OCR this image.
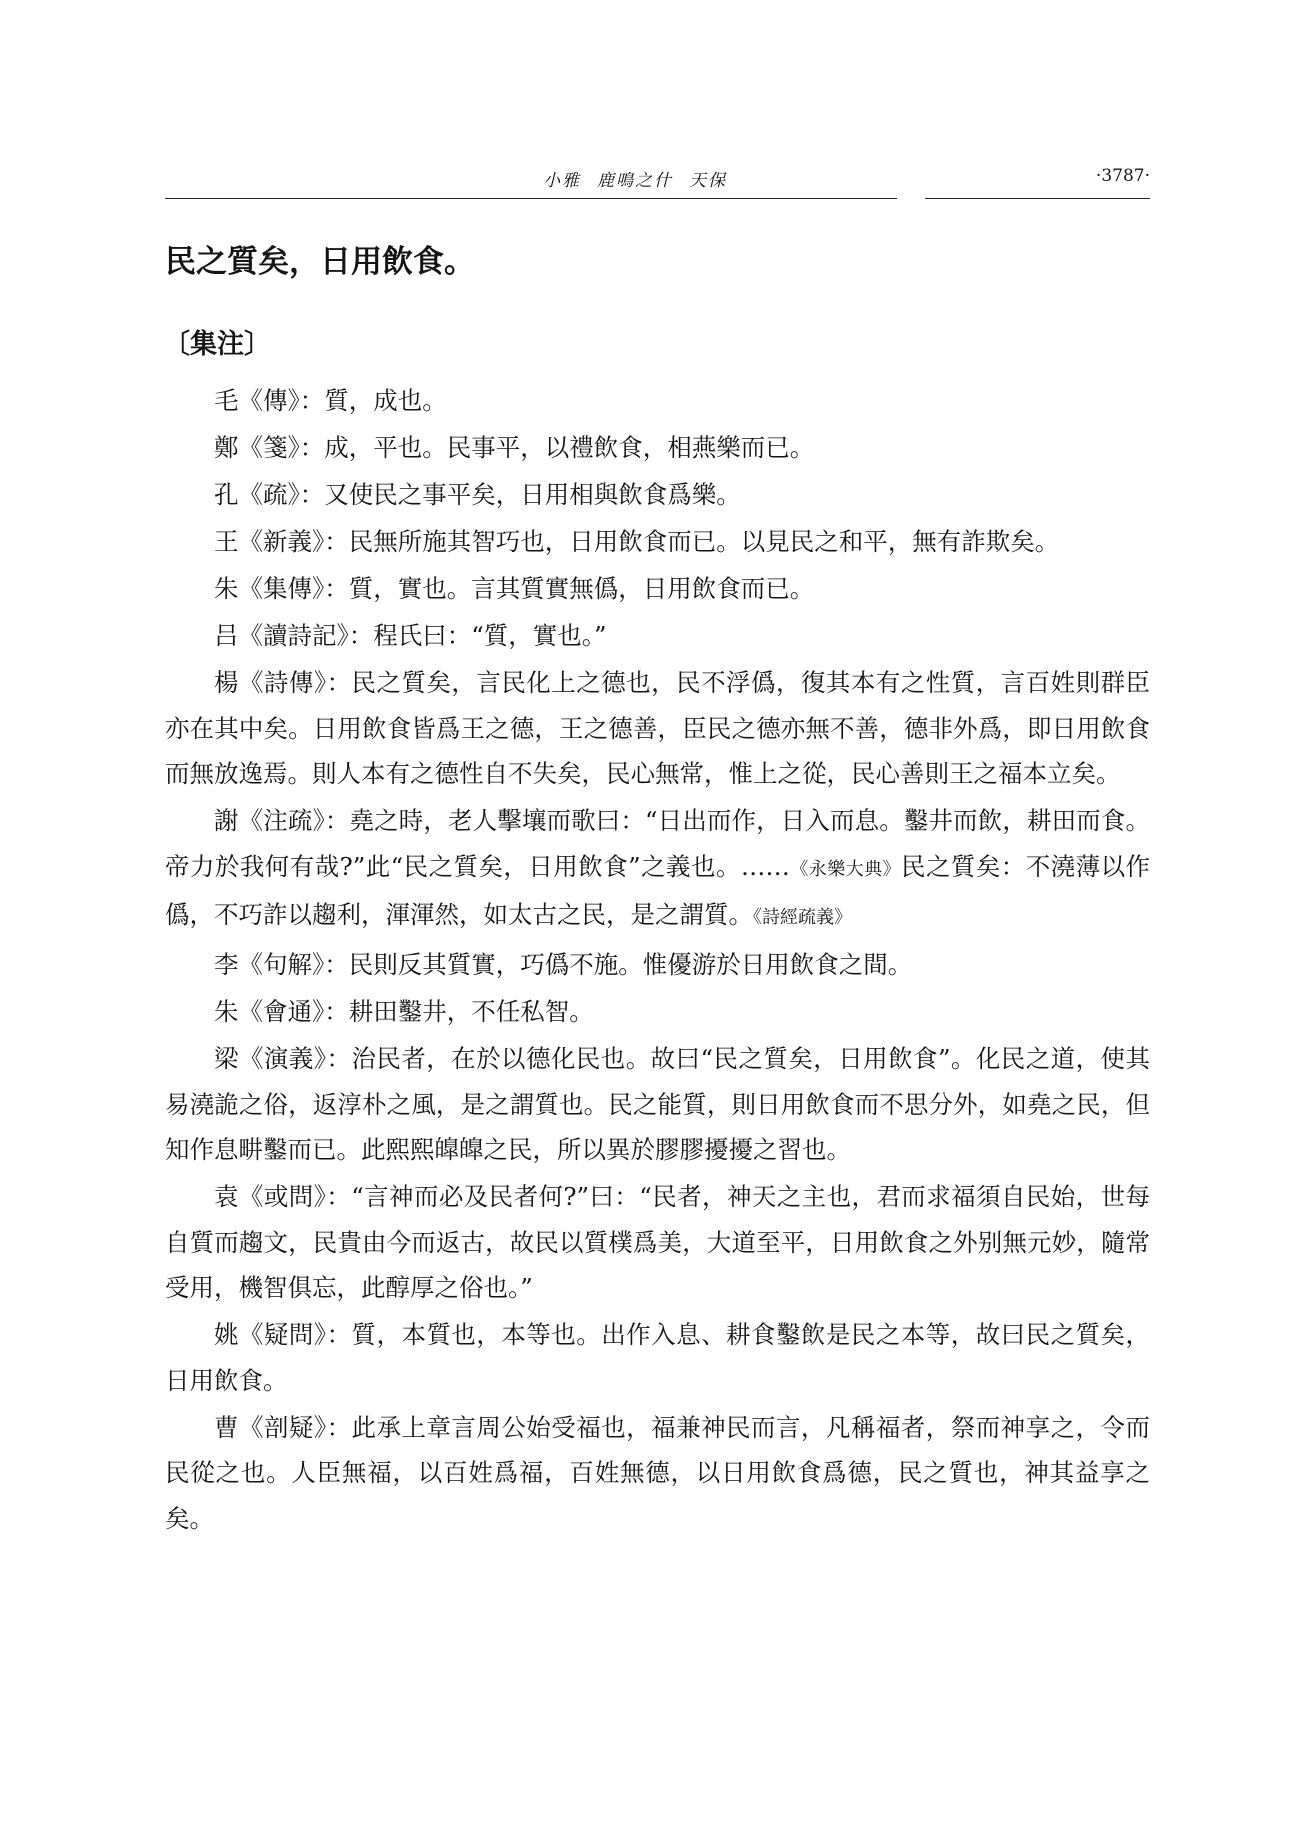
小雅 鹿鳴之什 天保	·3787·
民之質矣，日用飲食。
〔集注〕

毛《傳》：質，成也。

鄭《箋》：成，平也。民事平，以禮飲食，相燕樂而已。

孔《疏》：又使民之事平矣，日用相與飲食爲樂。

王《新義》：民無所施其智巧也，日用飲食而已。以見民之和平，無有詐欺矣。

朱《集傳》：質，實也。言其質實無僞，日用飲食而已。

吕《讀詩記》：程氏曰：“質，實也。”

楊《詩傳》：民之質矣，言民化上之德也，民不浮僞，復其本有之性質，言百姓則群臣亦在其中矣。日用飲食皆爲王之德，王之德善，臣民之德亦無不善，德非外爲，即日用飲食而無放逸焉。則人本有之德性自不失矣，民心無常，惟上之從，民心善則王之福本立矣。

謝《注疏》：堯之時，老人擊壤而歌曰：“日出而作，日入而息。鑿井而飲，耕田而食。帝力於我何有哉?”此“民之質矣，日用飲食”之義也。……《永樂大典》民之質矣：不澆薄以作僞，不巧詐以趨利，渾渾然，如太古之民，是之謂質。《詩經疏義》

李《句解》：民則反其質實，巧僞不施。惟優游於日用飲食之間。

朱《會通》：耕田鑿井，不任私智。

梁《演義》：治民者，在於以德化民也。故曰“民之質矣，日用飲食”。化民之道，使其易澆詭之俗，返淳朴之風，是之謂質也。民之能質，則日用飲食而不思分外，如堯之民，但知作息畊鑿而已。此熙熙皥皥之民，所以異於膠膠擾擾之習也。

袁《或問》：“言神而必及民者何?”曰：“民者，神天之主也，君而求福須自民始，世每自質而趨文，民貴由今而返古，故民以質樸爲美，大道至平，日用飲食之外别無元妙，隨常受用，機智俱忘，此醇厚之俗也。”

姚《疑問》：質，本質也，本等也。出作入息、耕食鑿飲是民之本等，故曰民之質矣，日用飲食。

曹《剖疑》：此承上章言周公始受福也，福兼神民而言，凡稱福者，祭而神享之，令而民從之也。人臣無福，以百姓爲福，百姓無德，以日用飲食爲德，民之質也，神其益享之矣。
